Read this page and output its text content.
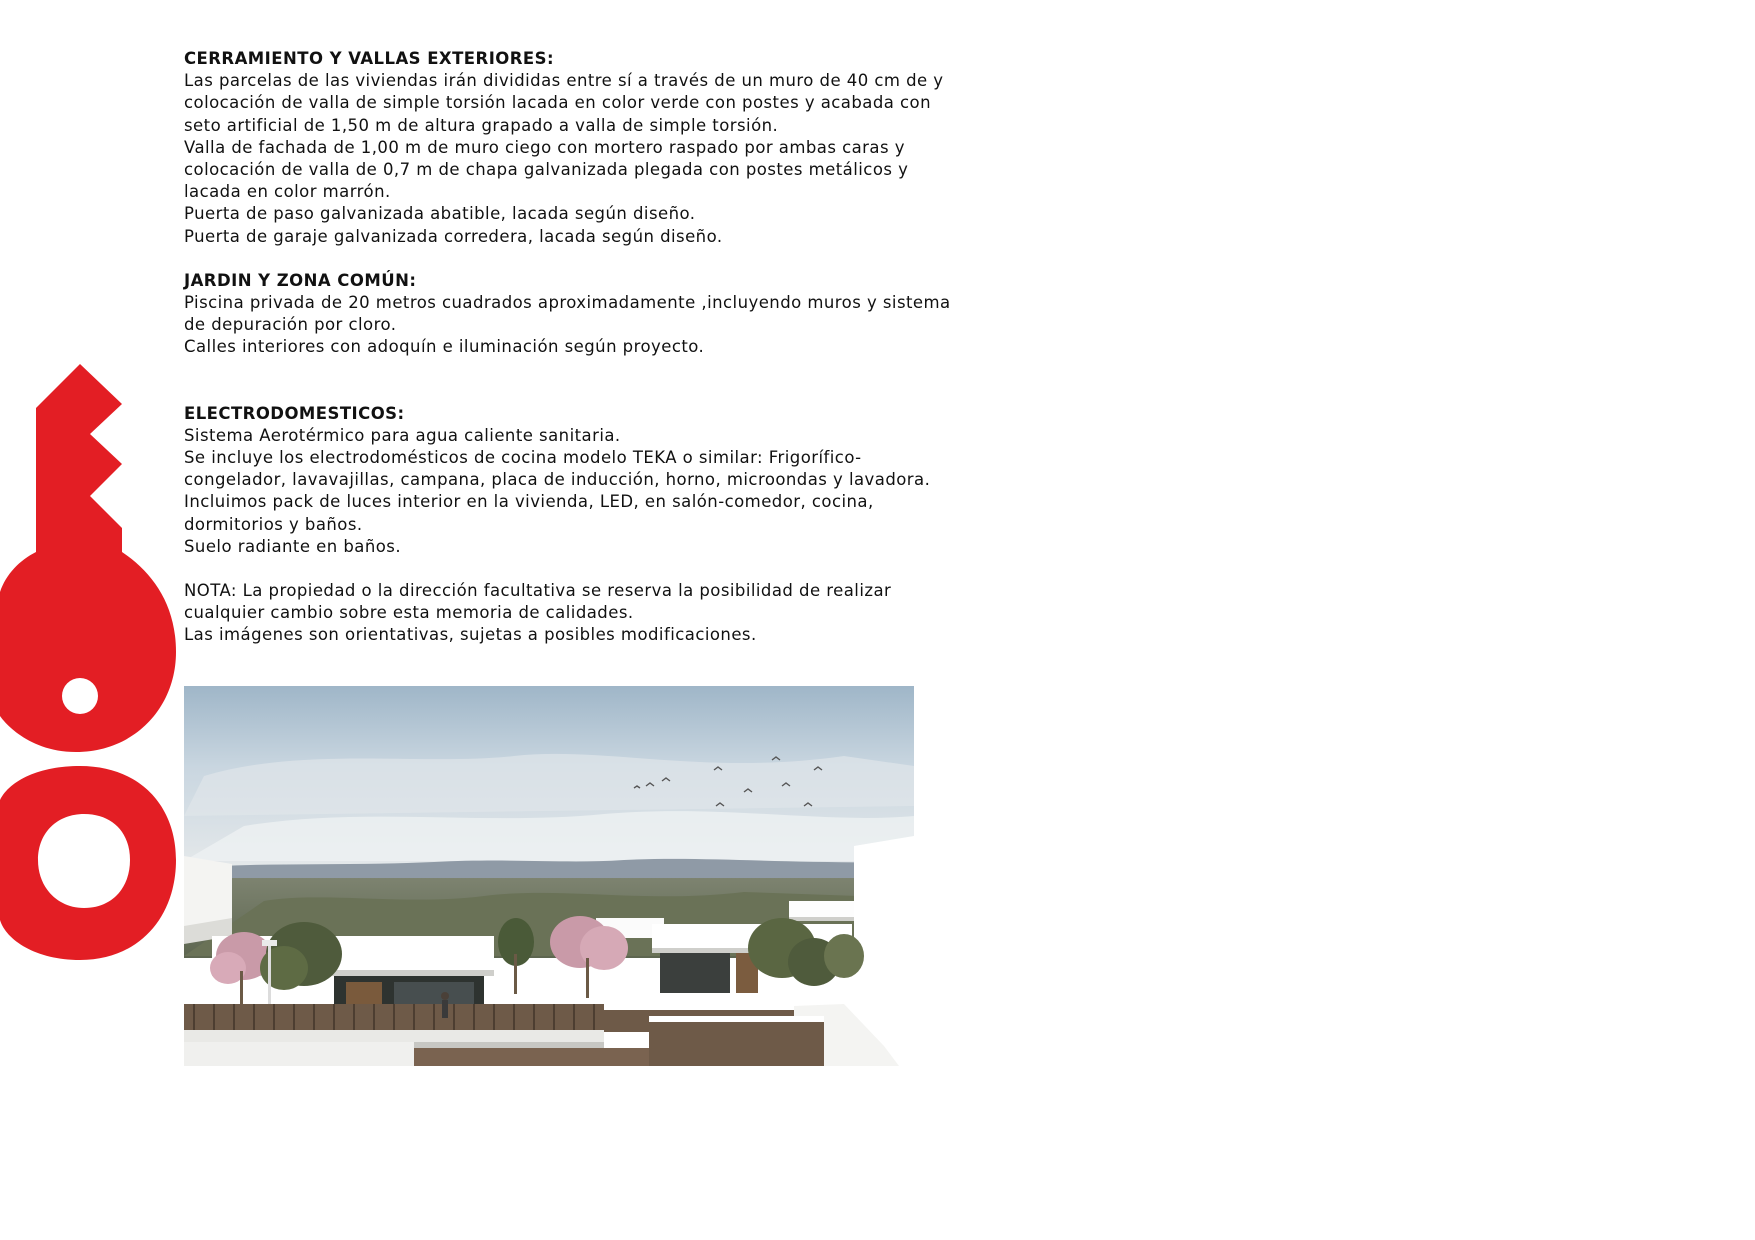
CERRAMIENTO Y VALLAS EXTERIORES:

Las parcelas de las viviendas irán divididas entre sí a través de un muro de 40 cm de y

colocación de valla de simple torsión lacada en color verde con postes y acabada con

seto artificial de 1,50 m de altura grapado a valla de simple torsión.

Valla de fachada de 1,00 m de muro ciego con mortero raspado por ambas caras y

colocación de valla de 0,7 m de chapa galvanizada plegada con postes metálicos y

lacada en color marrón.

Puerta de paso galvanizada abatible, lacada según diseño.

Puerta de garaje galvanizada corredera, lacada según diseño.

JARDIN Y ZONA COMÚN:

Piscina privada de 20 metros cuadrados aproximadamente ,incluyendo muros y sistema

de depuración por cloro.

Calles interiores con adoquín e iluminación según proyecto.

ELECTRODOMESTICOS:

Sistema Aerotérmico para agua caliente sanitaria.

Se incluye los electrodomésticos de cocina modelo TEKA o similar: Frigorífico-

congelador, lavavajillas, campana, placa de inducción, horno, microondas y lavadora.

Incluimos pack de luces interior en la vivienda, LED, en salón-comedor, cocina,

dormitorios y baños.

Suelo radiante en baños.

NOTA: La propiedad o la dirección facultativa se reserva la posibilidad de realizar

cualquier cambio sobre esta memoria de calidades.

Las imágenes son orientativas, sujetas a posibles modificaciones.
